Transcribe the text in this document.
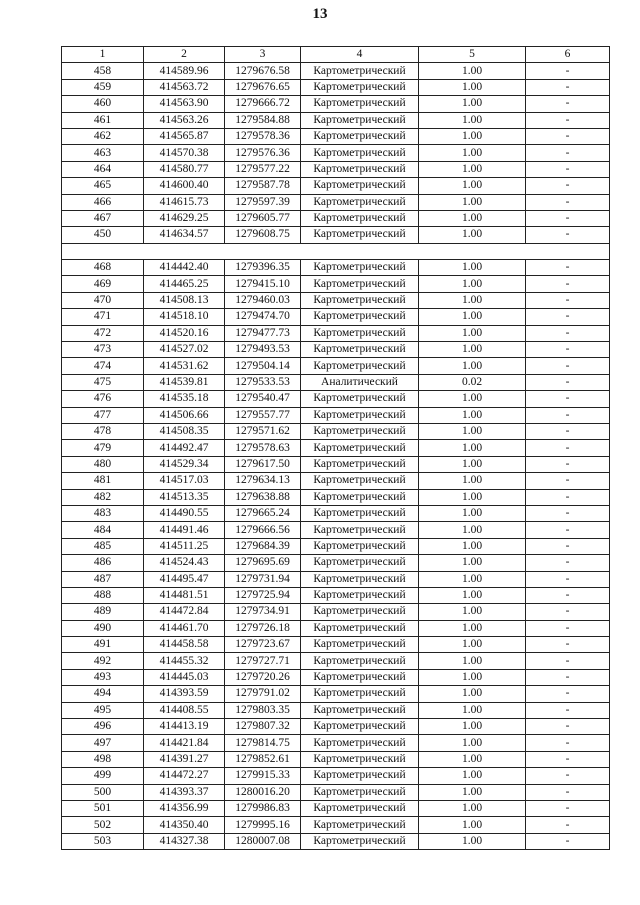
13
1	2	3	4	5	6
458	414589.96	1279676.58	Картометрический	1.00	-
459	414563.72	1279676.65	Картометрический	1.00	-
460	414563.90	1279666.72	Картометрический	1.00	-
461	414563.26	1279584.88	Картометрический	1.00	-
462	414565.87	1279578.36	Картометрический	1.00	-
463	414570.38	1279576.36	Картометрический	1.00	-
464	414580.77	1279577.22	Картометрический	1.00	-
465	414600.40	1279587.78	Картометрический	1.00	-
466	414615.73	1279597.39	Картометрический	1.00	-
467	414629.25	1279605.77	Картометрический	1.00	-
450	414634.57	1279608.75	Картометрический	1.00	-

468	414442.40	1279396.35	Картометрический	1.00	-
469	414465.25	1279415.10	Картометрический	1.00	-
470	414508.13	1279460.03	Картометрический	1.00	-
471	414518.10	1279474.70	Картометрический	1.00	-
472	414520.16	1279477.73	Картометрический	1.00	-
473	414527.02	1279493.53	Картометрический	1.00	-
474	414531.62	1279504.14	Картометрический	1.00	-
475	414539.81	1279533.53	Аналитический	0.02	-
476	414535.18	1279540.47	Картометрический	1.00	-
477	414506.66	1279557.77	Картометрический	1.00	-
478	414508.35	1279571.62	Картометрический	1.00	-
479	414492.47	1279578.63	Картометрический	1.00	-
480	414529.34	1279617.50	Картометрический	1.00	-
481	414517.03	1279634.13	Картометрический	1.00	-
482	414513.35	1279638.88	Картометрический	1.00	-
483	414490.55	1279665.24	Картометрический	1.00	-
484	414491.46	1279666.56	Картометрический	1.00	-
485	414511.25	1279684.39	Картометрический	1.00	-
486	414524.43	1279695.69	Картометрический	1.00	-
487	414495.47	1279731.94	Картометрический	1.00	-
488	414481.51	1279725.94	Картометрический	1.00	-
489	414472.84	1279734.91	Картометрический	1.00	-
490	414461.70	1279726.18	Картометрический	1.00	-
491	414458.58	1279723.67	Картометрический	1.00	-
492	414455.32	1279727.71	Картометрический	1.00	-
493	414445.03	1279720.26	Картометрический	1.00	-
494	414393.59	1279791.02	Картометрический	1.00	-
495	414408.55	1279803.35	Картометрический	1.00	-
496	414413.19	1279807.32	Картометрический	1.00	-
497	414421.84	1279814.75	Картометрический	1.00	-
498	414391.27	1279852.61	Картометрический	1.00	-
499	414472.27	1279915.33	Картометрический	1.00	-
500	414393.37	1280016.20	Картометрический	1.00	-
501	414356.99	1279986.83	Картометрический	1.00	-
502	414350.40	1279995.16	Картометрический	1.00	-
503	414327.38	1280007.08	Картометрический	1.00	-
